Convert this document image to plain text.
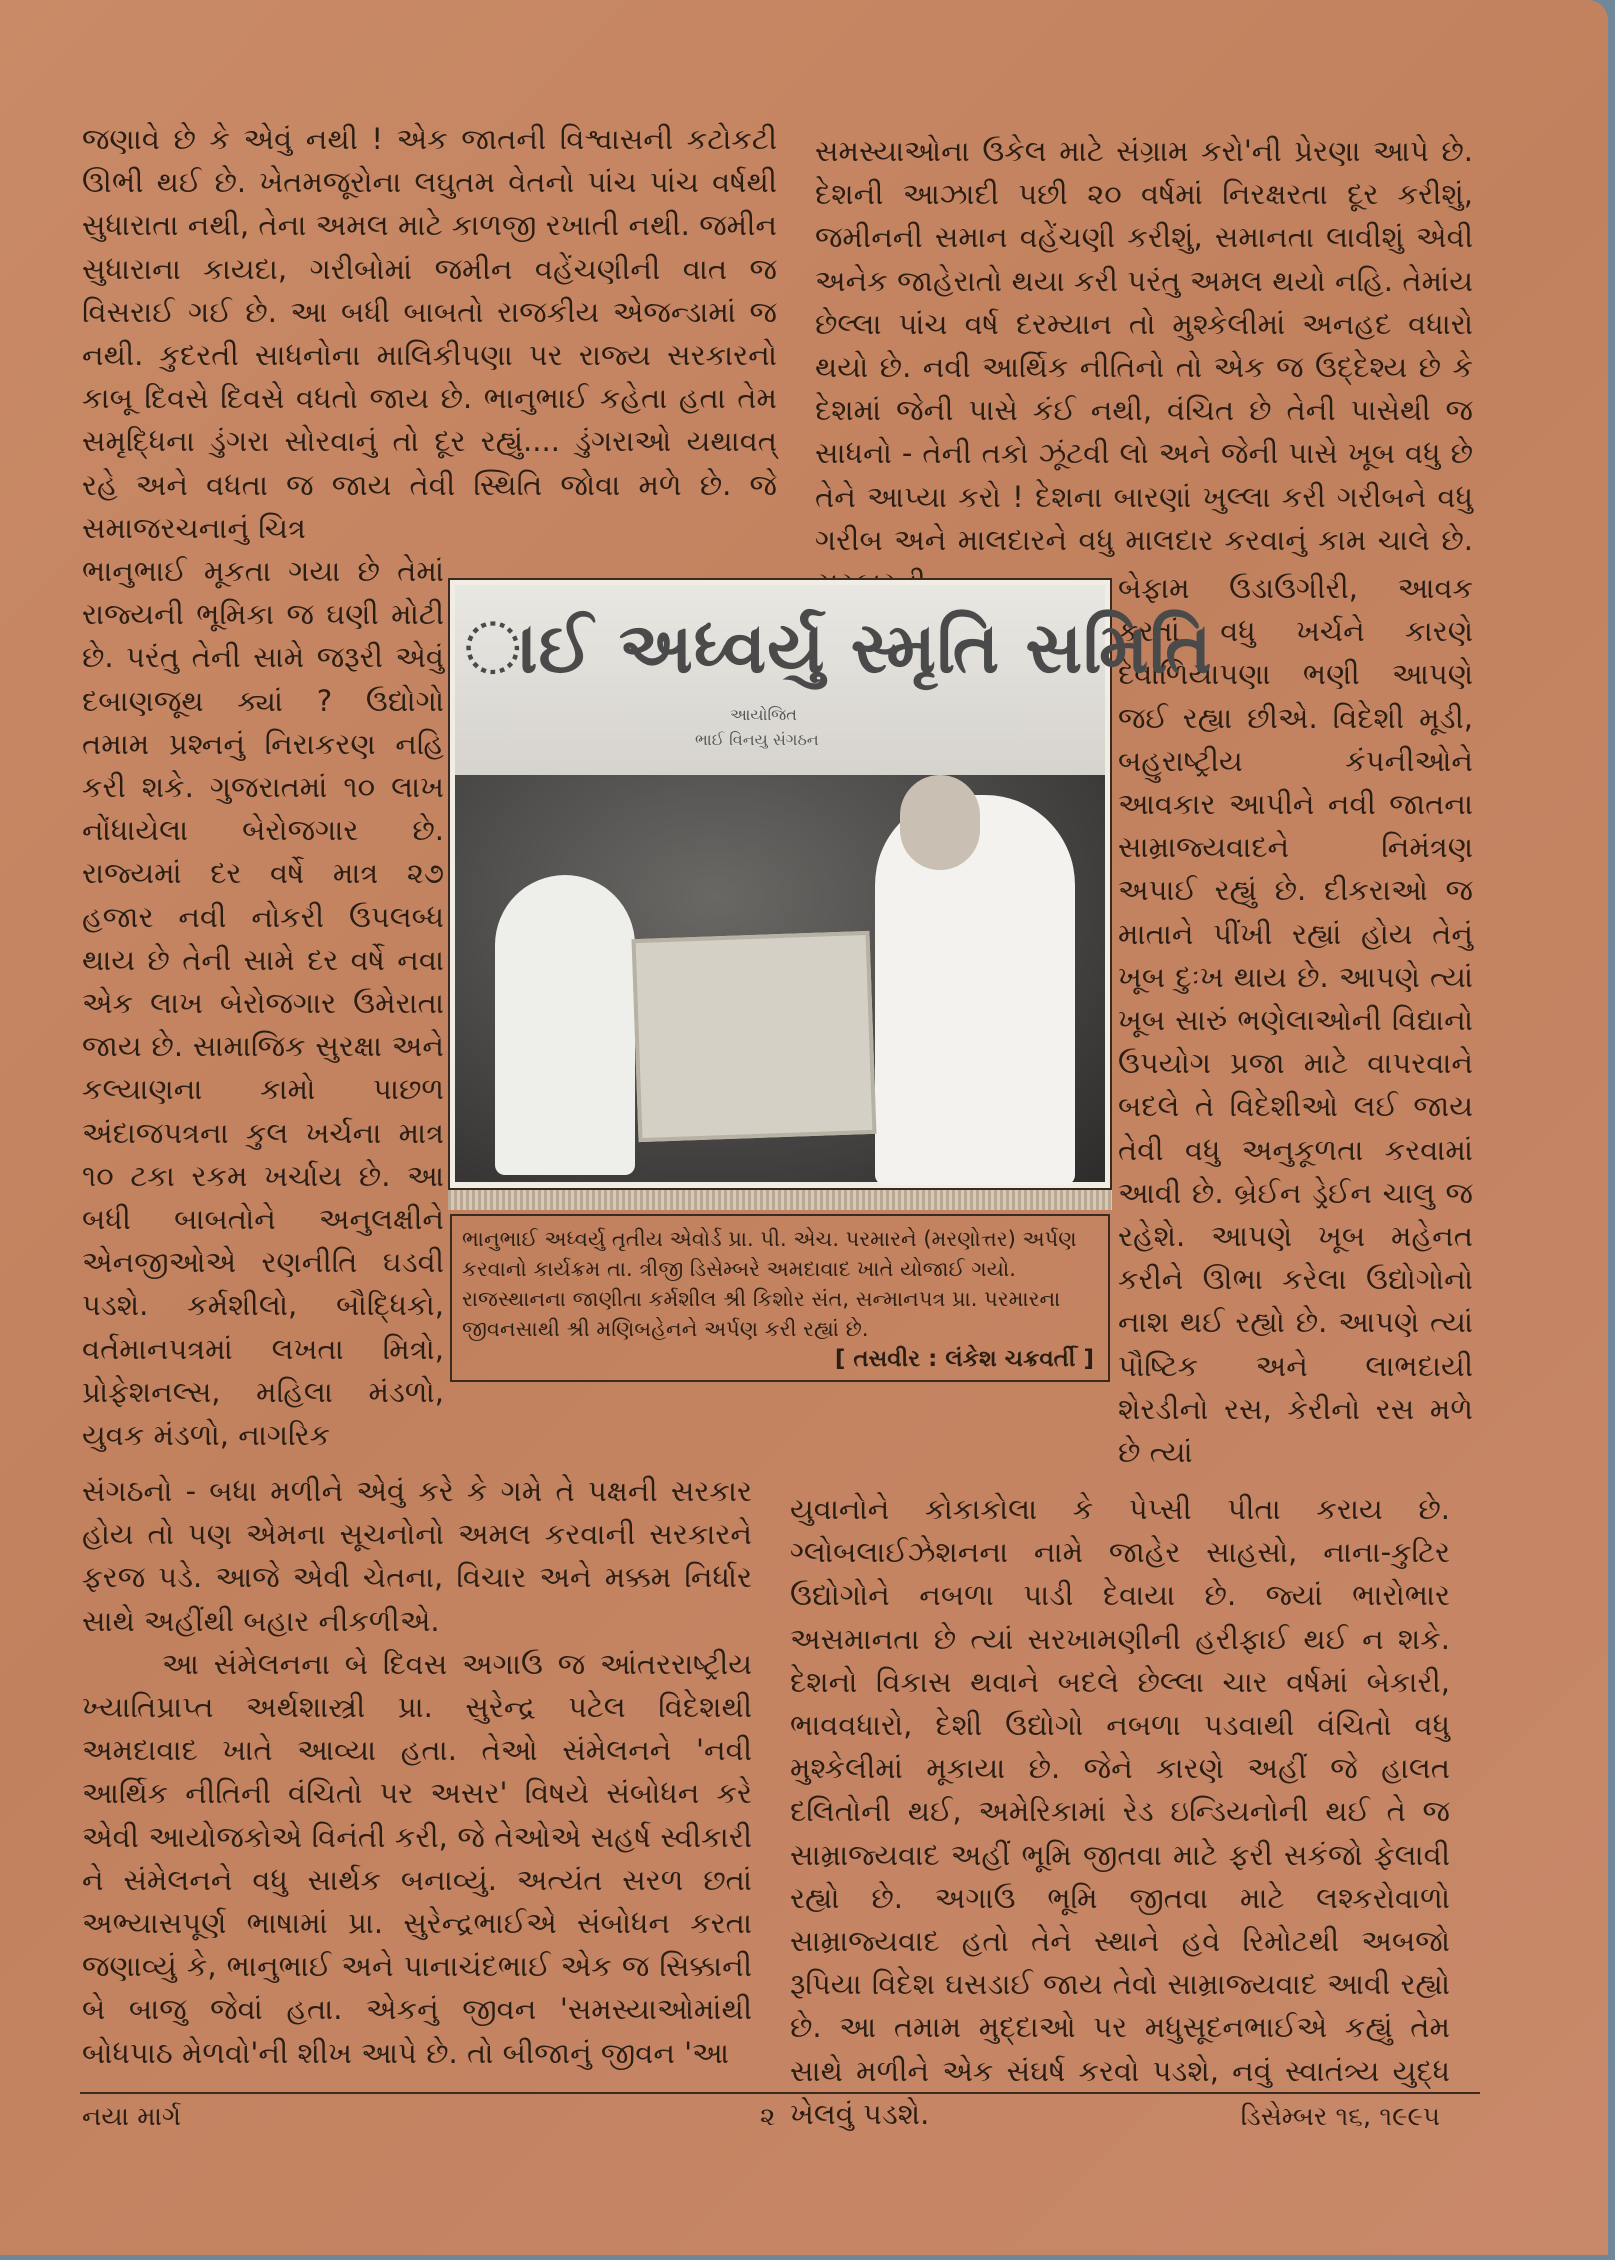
જણાવે છે કે એવું નથી ! એક જાતની વિશ્વાસની કટોકટી ઊભી થઈ છે. ખેતમજૂરોના લઘુતમ વેતનો પાંચ પાંચ વર્ષથી સુધારાતા નથી, તેના અમલ માટે કાળજી રખાતી નથી. જમીન સુધારાના કાયદા, ગરીબોમાં જમીન વહેંચણીની વાત જ વિસરાઈ ગઈ છે. આ બધી બાબતો રાજકીય એજન્ડામાં જ નથી. કુદરતી સાધનોના માલિકીપણા પર રાજ્ય સરકારનો કાબૂ દિવસે દિવસે વધતો જાય છે. ભાનુભાઈ કહેતા હતા તેમ સમૃદ્ધિના ડુંગરા સોરવાનું તો દૂર રહ્યું.... ડુંગરાઓ યથાવત્ રહે અને વધતા જ જાય તેવી સ્થિતિ જોવા મળે છે. જે સમાજરચનાનું ચિત્ર

ભાનુભાઈ મૂકતા ગયા છે તેમાં રાજ્યની ભૂમિકા જ ઘણી મોટી છે. પરંતુ તેની સામે જરૂરી એવું દબાણજૂથ ક્યાં ? ઉદ્યોગો તમામ પ્રશ્નનું નિરાકરણ નહિ કરી શકે. ગુજરાતમાં ૧૦ લાખ નોંધાયેલા બેરોજગાર છે. રાજ્યમાં દર વર્ષે માત્ર ૨૭ હજાર નવી નોકરી ઉપલબ્ધ થાય છે તેની સામે દર વર્ષે નવા એક લાખ બેરોજગાર ઉમેરાતા જાય છે. સામાજિક સુરક્ષા અને કલ્યાણના કામો પાછળ અંદાજપત્રના કુલ ખર્ચના માત્ર ૧૦ ટકા રકમ ખર્ચાય છે. આ બધી બાબતોને અનુલક્ષીને એનજીઓએ રણનીતિ ઘડવી પડશે. કર્મશીલો, બૌદ્ધિકો, વર્તમાનપત્રમાં લખતા મિત્રો, પ્રોફેશનલ્સ, મહિલા મંડળો, યુવક મંડળો, નાગરિક

સંગઠનો - બધા મળીને એવું કરે કે ગમે તે પક્ષની સરકાર હોય તો પણ એમના સૂચનોનો અમલ કરવાની સરકારને ફરજ પડે. આજે એવી ચેતના, વિચાર અને મક્કમ નિર્ધાર સાથે અહીંથી બહાર નીકળીએ.

આ સંમેલનના બે દિવસ અગાઉ જ આંતરરાષ્ટ્રીય ખ્યાતિપ્રાપ્ત અર્થશાસ્ત્રી પ્રા. સુરેન્દ્ર પટેલ વિદેશથી અમદાવાદ ખાતે આવ્યા હતા. તેઓ સંમેલનને 'નવી આર્થિક નીતિની વંચિતો પર અસર' વિષયે સંબોધન કરે એવી આયોજકોએ વિનંતી કરી, જે તેઓએ સહર્ષ સ્વીકારી ને સંમેલનને વધુ સાર્થક બનાવ્યું. અત્યંત સરળ છતાં અભ્યાસપૂર્ણ ભાષામાં પ્રા. સુરેન્દ્રભાઈએ સંબોધન કરતા જણાવ્યું કે, ભાનુભાઈ અને પાનાચંદભાઈ એક જ સિક્કાની બે બાજુ જેવાં હતા. એકનું જીવન 'સમસ્યાઓમાંથી બોધપાઠ મેળવો'ની શીખ આપે છે. તો બીજાનું જીવન 'આ

સમસ્યાઓના ઉકેલ માટે સંગ્રામ કરો'ની પ્રેરણા આપે છે. દેશની આઝાદી પછી ૨૦ વર્ષમાં નિરક્ષરતા દૂર કરીશું, જમીનની સમાન વહેંચણી કરીશું, સમાનતા લાવીશું એવી અનેક જાહેરાતો થયા કરી પરંતુ અમલ થયો નહિ. તેમાંય છેલ્લા પાંચ વર્ષ દરમ્યાન તો મુશ્કેલીમાં અનહદ વધારો થયો છે. નવી આર્થિક નીતિનો તો એક જ ઉદ્દેશ્ય છે કે દેશમાં જેની પાસે કંઈ નથી, વંચિત છે તેની પાસેથી જ સાધનો - તેની તકો ઝૂંટવી લો અને જેની પાસે ખૂબ વધુ છે તેને આપ્યા કરો ! દેશના બારણાં ખુલ્લા કરી ગરીબને વધુ ગરીબ અને માલદારને વધુ માલદાર કરવાનું કામ ચાલે છે.

બેફામ ઉડાઉગીરી, આવક કરતાં વધુ ખર્ચને કારણે દેવાળિયાપણા ભણી આપણે જઈ રહ્યા છીએ. વિદેશી મૂડી, બહુરાષ્ટ્રીય કંપનીઓને આવકાર આપીને નવી જાતના સામ્રાજ્યવાદને નિમંત્રણ અપાઈ રહ્યું છે. દીકરાઓ જ માતાને પીંખી રહ્યાં હોય તેનું ખૂબ દુઃખ થાય છે. આપણે ત્યાં ખૂબ સારું ભણેલાઓની વિદ્યાનો ઉપયોગ પ્રજા માટે વાપરવાને બદલે તે વિદેશીઓ લઈ જાય તેવી વધુ અનુકૂળતા કરવામાં આવી છે. બ્રેઈન ડ્રેઈન ચાલુ જ રહેશે. આપણે ખૂબ મહેનત કરીને ઊભા કરેલા ઉદ્યોગોનો નાશ થઈ રહ્યો છે. આપણે ત્યાં પૌષ્ટિક અને લાભદાયી શેરડીનો રસ, કેરીનો રસ મળે છે ત્યાં

યુવાનોને કોકાકોલા કે પેપ્સી પીતા કરાય છે. ગ્લોબલાઈઝેશનના નામે જાહેર સાહસો, નાના-કુટિર ઉદ્યોગોને નબળા પાડી દેવાયા છે. જ્યાં ભારોભાર અસમાનતા છે ત્યાં સરખામણીની હરીફાઈ થઈ ન શકે. દેશનો વિકાસ થવાને બદલે છેલ્લા ચાર વર્ષમાં બેકારી, ભાવવધારો, દેશી ઉદ્યોગો નબળા પડવાથી વંચિતો વધુ મુશ્કેલીમાં મૂકાયા છે. જેને કારણે અહીં જે હાલત દલિતોની થઈ, અમેરિકામાં રેડ ઇન્ડિયનોની થઈ તે જ સામ્રાજ્યવાદ અહીં ભૂમિ જીતવા માટે ફરી સકંજો ફેલાવી રહ્યો છે. અગાઉ ભૂમિ જીતવા માટે લશ્કરોવાળો સામ્રાજ્યવાદ હતો તેને સ્થાને હવે રિમોટથી અબજો રૂપિયા વિદેશ ઘસડાઈ જાય તેવો સામ્રાજ્યવાદ આવી રહ્યો છે. આ તમામ મુદ્દાઓ પર મધુસૂદનભાઈએ કહ્યું તેમ સાથે મળીને એક સંઘર્ષ કરવો પડશે, નવું સ્વાતંત્ર્ય યુદ્ધ ખેલવું પડશે.

ાઈ અધ્વર્યુ સ્મૃતિ સમિતિ
આયોજિત
ભાઈ વિનયુ સંગઠન
ભાનુભાઈ અધ્વર્યુ તૃતીય એવોર્ડ પ્રા. પી. એચ. પરમારને (મરણોત્તર) અર્પણ કરવાનો કાર્યક્રમ તા. ત્રીજી ડિસેમ્બરે અમદાવાદ ખાતે યોજાઈ ગયો. રાજસ્થાનના જાણીતા કર્મશીલ શ્રી કિશોર સંત, સન્માનપત્ર પ્રા. પરમારના જીવનસાથી શ્રી મણિબહેનને અર્પણ કરી રહ્યાં છે.
[ તસવીર : લંકેશ ચક્રવર્તી ]
નયા માર્ગ	૨	ડિસેમ્બર ૧૬, ૧૯૯૫
